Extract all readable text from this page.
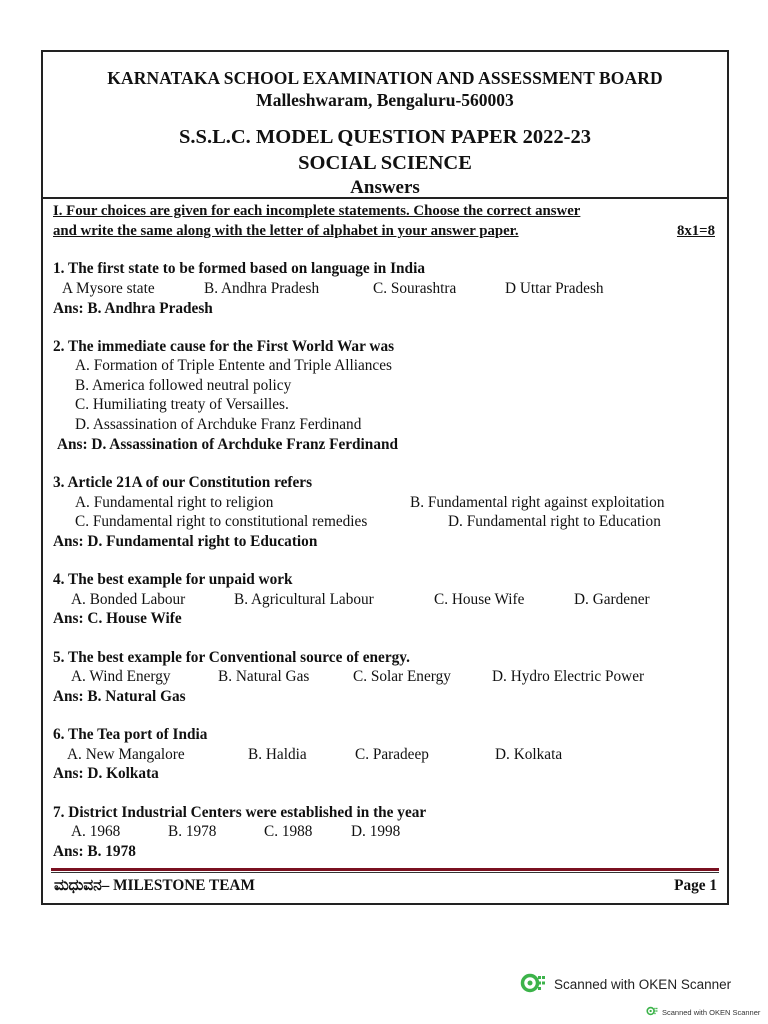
KARNATAKA SCHOOL EXAMINATION AND ASSESSMENT BOARD
Malleshwaram, Bengaluru-560003
S.S.L.C. MODEL QUESTION PAPER 2022-23
SOCIAL SCIENCE
Answers
I. Four choices are given for each incomplete statements. Choose the correct answer
and write the same along with the letter of alphabet in your answer paper.	8x1=8
1. The first state to be formed based on language in India
A Mysore state	B. Andhra Pradesh	C. Sourashtra	D Uttar Pradesh
Ans: B. Andhra Pradesh
2. The immediate cause for the First World War was
A. Formation of Triple Entente and Triple Alliances
B. America followed neutral policy
C. Humiliating treaty of Versailles.
D. Assassination of Archduke Franz Ferdinand
Ans: D. Assassination of Archduke Franz Ferdinand
3. Article 21A of our Constitution refers
A. Fundamental right to religion	B. Fundamental right against exploitation
C. Fundamental right to constitutional remedies	D. Fundamental right to Education
Ans: D. Fundamental right to Education
4. The best example for unpaid work
A. Bonded Labour	B. Agricultural Labour	C. House Wife	D. Gardener
Ans: C. House Wife
5. The best example for Conventional source of energy.
A. Wind Energy	B. Natural Gas	C. Solar Energy	D. Hydro Electric Power
Ans: B. Natural Gas
6. The Tea port of India
A. New Mangalore	B. Haldia	C. Paradeep	D. Kolkata
Ans: D. Kolkata
7. District Industrial Centers were established in the year
A. 1968	B. 1978	C. 1988	D. 1998
Ans: B. 1978
ಮಧುವನ– MILESTONE TEAM	Page 1
Scanned with OKEN Scanner
Scanned with OKEN Scanner
